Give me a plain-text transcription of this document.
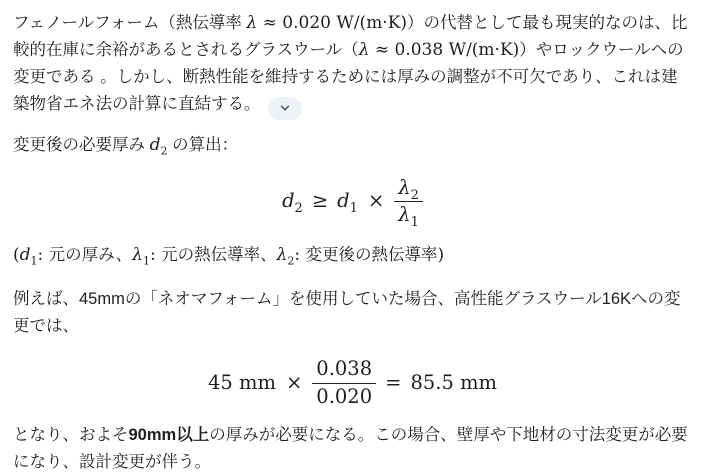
フェノールフォーム（熱伝導率 λ ≈ 0.020 W/(m·K)）の代替として最も現実的なのは、比較的在庫に余裕があるとされるグラスウール（λ ≈ 0.038 W/(m·K)）やロックウールへの変更である 。しかし、断熱性能を維持するためには厚みの調整が不可欠であり、これは建築物省エネ法の計算に直結する。

変更後の必要厚み $d_2$ の算出：

$d_2 \ge d_1 \times \frac{\lambda_2}{\lambda_1}$

($d_1$: 元の厚み、$\lambda_1$: 元の熱伝導率、$\lambda_2$: 変更後の熱伝導率)

例えば、45mmの「ネオマフォーム」を使用していた場合、高性能グラスウール16Kへの変更では、

45 mm × $\frac{0.038}{0.020} = 85.5$ mm

となり、およそ90mm以上の厚みが必要になる。この場合、壁厚や下地材の寸法変更が必要になり、設計変更が伴う。
